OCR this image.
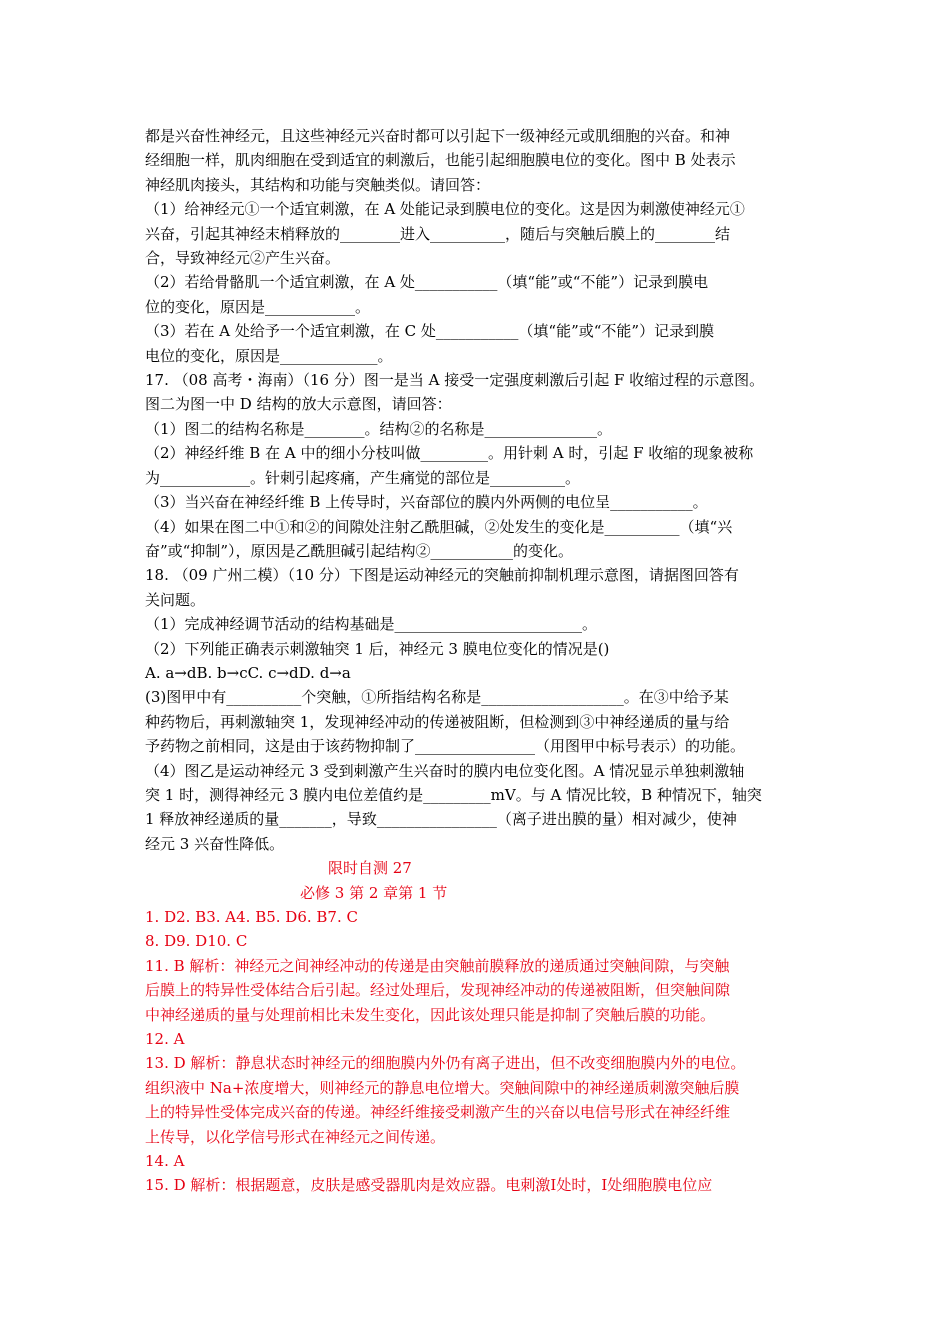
都是兴奋性神经元，且这些神经元兴奋时都可以引起下一级神经元或肌细胞的兴奋。和神
经细胞一样，肌肉细胞在受到适宜的刺激后，也能引起细胞膜电位的变化。图中 B 处表示
神经肌肉接头，其结构和功能与突触类似。请回答：
（1）给神经元①一个适宜刺激，在 A 处能记录到膜电位的变化。这是因为刺激使神经元①
兴奋，引起其神经末梢释放的________进入__________，随后与突触后膜上的________结
合，导致神经元②产生兴奋。
（2）若给骨骼肌一个适宜刺激，在 A 处___________（填“能”或“不能”）记录到膜电
位的变化，原因是____________。
（3）若在 A 处给予一个适宜刺激，在 C 处___________（填“能”或“不能”）记录到膜
电位的变化，原因是_____________。
17. （08 高考・海南）（16 分）图一是当 A 接受一定强度刺激后引起 F 收缩过程的示意图。
图二为图一中 D 结构的放大示意图，请回答：
（1）图二的结构名称是________。结构②的名称是_______________。
（2）神经纤维 B 在 A 中的细小分枝叫做_________。用针刺 A 时，引起 F 收缩的现象被称
为____________。针刺引起疼痛，产生痛觉的部位是__________。
（3）当兴奋在神经纤维 B 上传导时，兴奋部位的膜内外两侧的电位呈___________。
（4）如果在图二中①和②的间隙处注射乙酰胆碱，②处发生的变化是__________（填“兴
奋”或“抑制”），原因是乙酰胆碱引起结构②___________的变化。
18. （09 广州二模）（10 分）下图是运动神经元的突触前抑制机理示意图，请据图回答有
关问题。
（1）完成神经调节活动的结构基础是_________________________。
（2）下列能正确表示刺激轴突 1 后，神经元 3 膜电位变化的情况是()
A. a→dB. b→cC. c→dD. d→a
(3)图甲中有__________个突触，①所指结构名称是___________________。在③中给予某
种药物后，再刺激轴突 1，发现神经冲动的传递被阻断，但检测到③中神经递质的量与给
予药物之前相同，这是由于该药物抑制了________________（用图甲中标号表示）的功能。
（4）图乙是运动神经元 3 受到刺激产生兴奋时的膜内电位变化图。A 情况显示单独刺激轴
突 1 时，测得神经元 3 膜内电位差值约是_________mV。与 A 情况比较，B 种情况下，轴突
1 释放神经递质的量_______，导致________________（离子进出膜的量）相对减少，使神
经元 3 兴奋性降低。
限时自测 27
必修 3 第 2 章第 1 节
1. D2. B3. A4. B5. D6. B7. C
8. D9. D10. C
11. B 解析：神经元之间神经冲动的传递是由突触前膜释放的递质通过突触间隙，与突触
后膜上的特异性受体结合后引起。经过处理后，发现神经冲动的传递被阻断，但突触间隙
中神经递质的量与处理前相比未发生变化，因此该处理只能是抑制了突触后膜的功能。
12. A
13. D 解析：静息状态时神经元的细胞膜内外仍有离子进出，但不改变细胞膜内外的电位。
组织液中 Na+浓度增大，则神经元的静息电位增大。突触间隙中的神经递质刺激突触后膜
上的特异性受体完成兴奋的传递。神经纤维接受刺激产生的兴奋以电信号形式在神经纤维
上传导，以化学信号形式在神经元之间传递。
14. A
15. D 解析：根据题意，皮肤是感受器肌肉是效应器。电刺激Ⅰ处时，Ⅰ处细胞膜电位应
